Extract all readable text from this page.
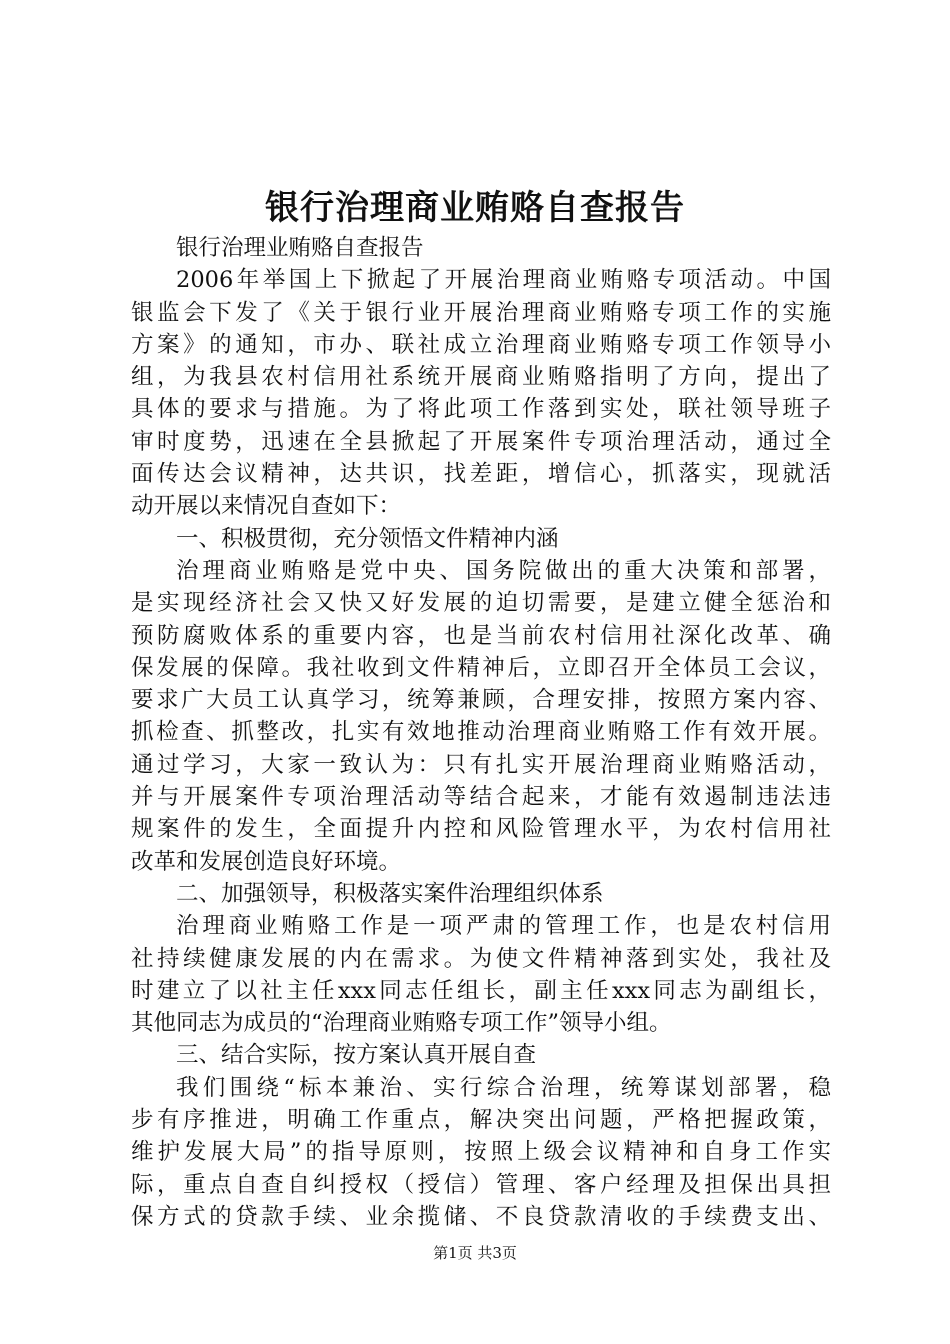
银行治理商业贿赂自查报告
银行治理业贿赂自查报告
2006年举国上下掀起了开展治理商业贿赂专项活动。中国
银监会下发了《关于银行业开展治理商业贿赂专项工作的实施
方案》的通知，市办、联社成立治理商业贿赂专项工作领导小
组，为我县农村信用社系统开展商业贿赂指明了方向，提出了
具体的要求与措施。为了将此项工作落到实处，联社领导班子
审时度势，迅速在全县掀起了开展案件专项治理活动，通过全
面传达会议精神，达共识，找差距，增信心，抓落实，现就活
动开展以来情况自查如下：
一、积极贯彻，充分领悟文件精神内涵
治理商业贿赂是党中央、国务院做出的重大决策和部署，
是实现经济社会又快又好发展的迫切需要，是建立健全惩治和
预防腐败体系的重要内容，也是当前农村信用社深化改革、确
保发展的保障。我社收到文件精神后，立即召开全体员工会议，
要求广大员工认真学习，统筹兼顾，合理安排，按照方案内容、
抓检查、抓整改，扎实有效地推动治理商业贿赂工作有效开展。
通过学习，大家一致认为：只有扎实开展治理商业贿赂活动，
并与开展案件专项治理活动等结合起来，才能有效遏制违法违
规案件的发生，全面提升内控和风险管理水平，为农村信用社
改革和发展创造良好环境。
二、加强领导，积极落实案件治理组织体系
治理商业贿赂工作是一项严肃的管理工作，也是农村信用
社持续健康发展的内在需求。为使文件精神落到实处，我社及
时建立了以社主任xxx同志任组长，副主任xxx同志为副组长，
其他同志为成员的“治理商业贿赂专项工作”领导小组。
三、结合实际，按方案认真开展自查
我们围绕“标本兼治、实行综合治理，统筹谋划部署，稳
步有序推进，明确工作重点，解决突出问题，严格把握政策，
维护发展大局”的指导原则，按照上级会议精神和自身工作实
际，重点自查自纠授权（授信）管理、客户经理及担保出具担
保方式的贷款手续、业余揽储、不良贷款清收的手续费支出、
第1页 共3页
